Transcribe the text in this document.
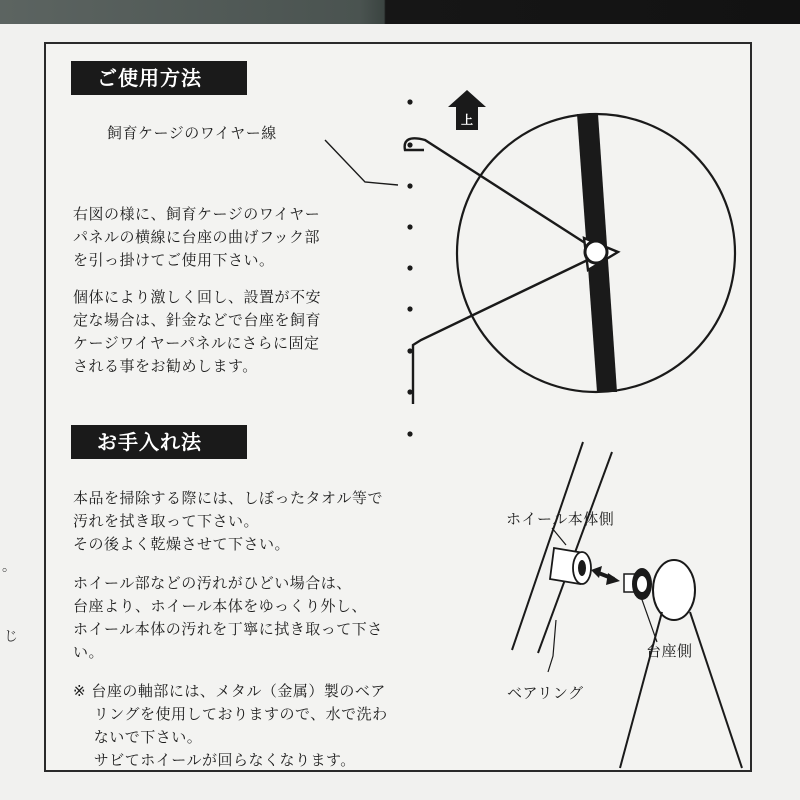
。
じ
ご使用方法
飼育ケージのワイヤー線

右図の様に、飼育ケージのワイヤー
パネルの横線に台座の曲げフック部
を引っ掛けてご使用下さい。

個体により激しく回し、設置が不安
定な場合は、針金などで台座を飼育
ケージワイヤーパネルにさらに固定
される事をお勧めします。

お手入れ法

本品を掃除する際には、しぼったタオル等で
汚れを拭き取って下さい。
その後よく乾燥させて下さい。

ホイール部などの汚れがひどい場合は、
台座より、ホイール本体をゆっくり外し、
ホイール本体の汚れを丁寧に拭き取って下さ
い。

※ 台座の軸部には、メタル（金属）製のベア
　 リングを使用しておりますので、水で洗わ
　 ないで下さい。
　 サビてホイールが回らなくなります。

ホイール本体側
台座側
ベアリング
上
